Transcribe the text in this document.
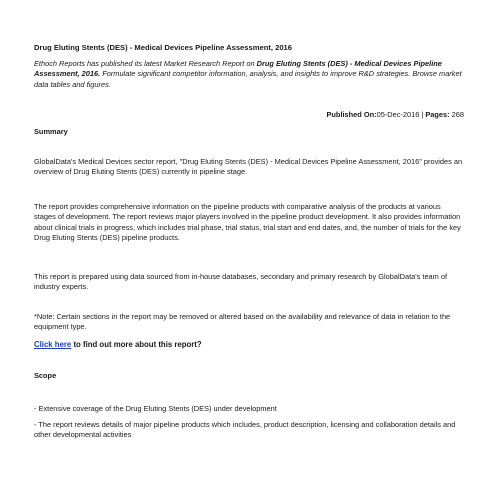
Drug Eluting Stents (DES) - Medical Devices Pipeline Assessment, 2016
Ethoch Reports has published its latest Market Research Report on Drug Eluting Stents (DES) - Medical Devices Pipeline Assessment, 2016. Formulate significant competitor information, analysis, and insights to improve R&D strategies. Browse market data tables and figures.
Published On:05-Dec-2016 | Pages: 268
Summary
GlobalData's Medical Devices sector report, "Drug Eluting Stents (DES) - Medical Devices Pipeline Assessment, 2016" provides an overview of Drug Eluting Stents (DES) currently in pipeline stage.
The report provides comprehensive information on the pipeline products with comparative analysis of the products at various stages of development. The report reviews major players involved in the pipeline product development. It also provides information about clinical trials in progress, which includes trial phase, trial status, trial start and end dates, and, the number of trials for the key Drug Eluting Stents (DES) pipeline products.
This report is prepared using data sourced from in-house databases, secondary and primary research by GlobalData's team of industry experts.
*Note: Certain sections in the report may be removed or altered based on the availability and relevance of data in relation to the equipment type.
Click here to find out more about this report?
Scope
- Extensive coverage of the Drug Eluting Stents (DES) under development
- The report reviews details of major pipeline products which includes, product description, licensing and collaboration details and other developmental activities
